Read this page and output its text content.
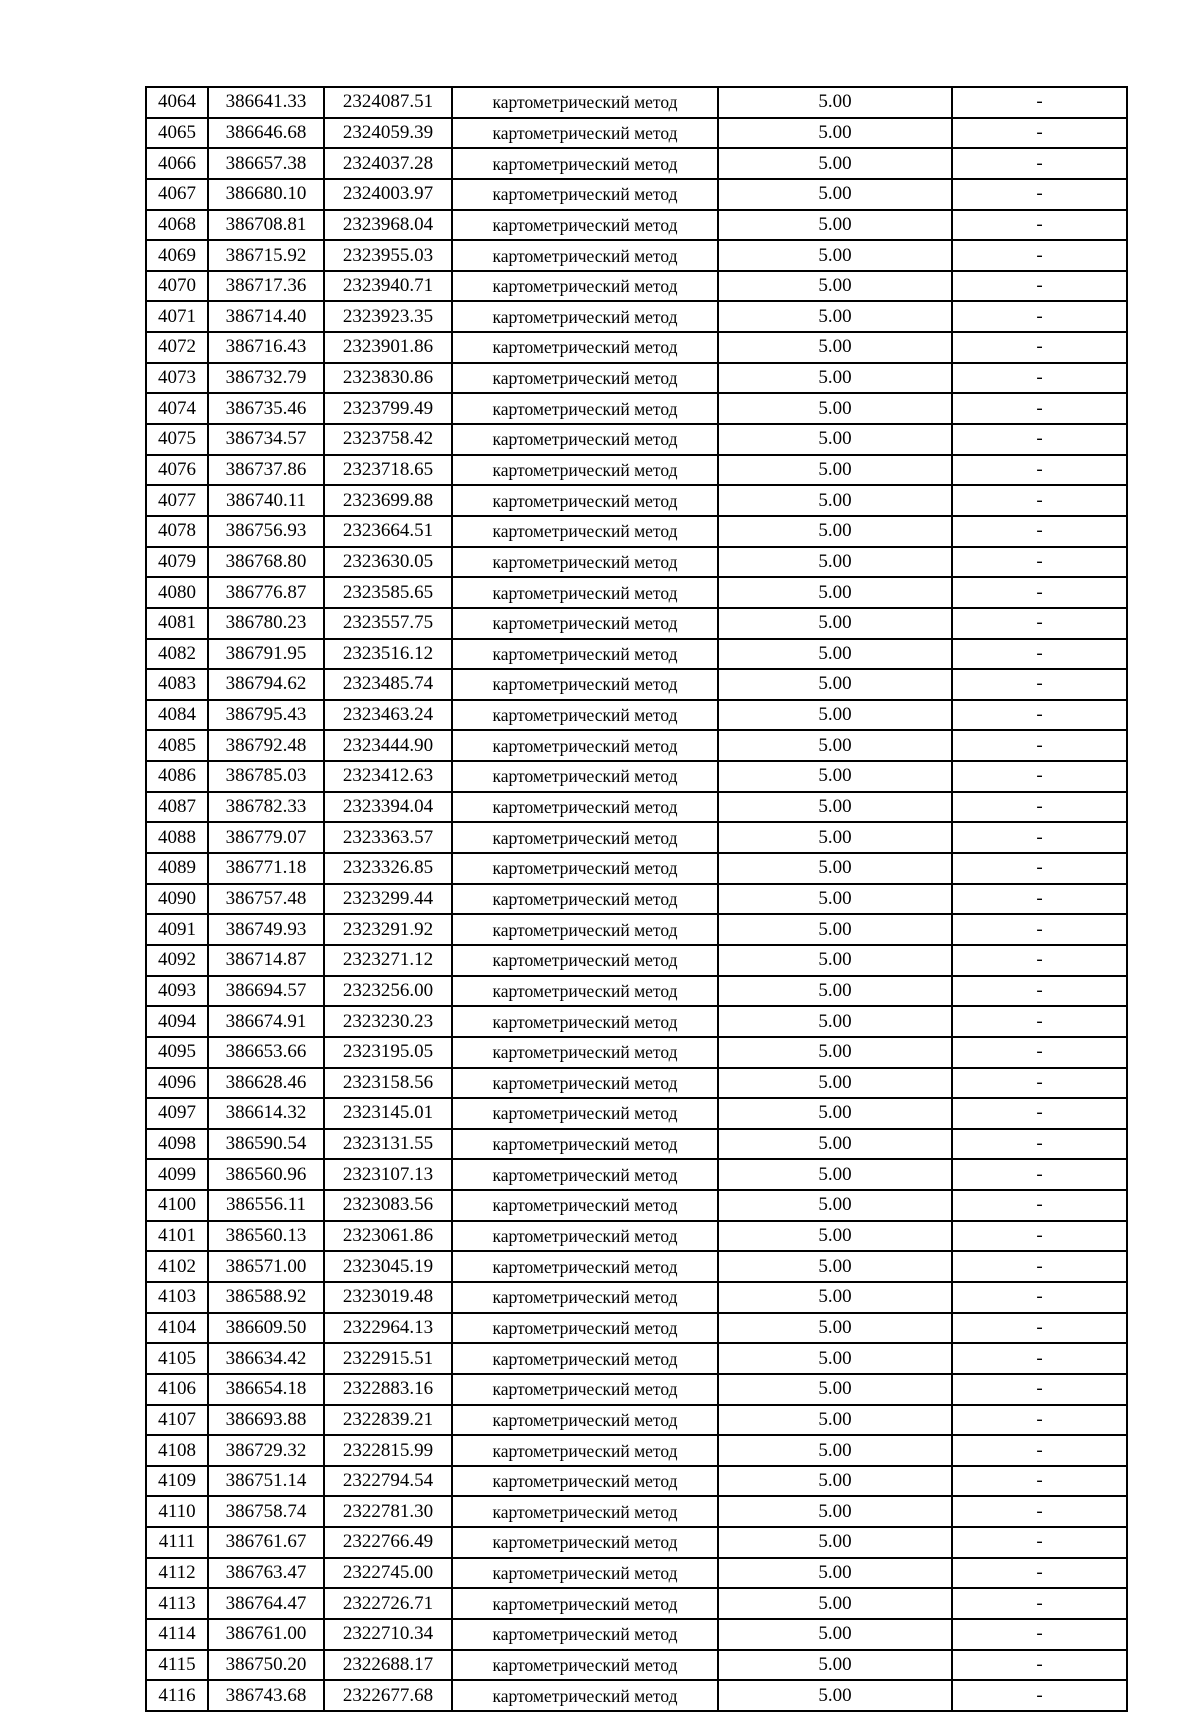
4064	386641.33	2324087.51	картометрический метод	5.00	-
4065	386646.68	2324059.39	картометрический метод	5.00	-
4066	386657.38	2324037.28	картометрический метод	5.00	-
4067	386680.10	2324003.97	картометрический метод	5.00	-
4068	386708.81	2323968.04	картометрический метод	5.00	-
4069	386715.92	2323955.03	картометрический метод	5.00	-
4070	386717.36	2323940.71	картометрический метод	5.00	-
4071	386714.40	2323923.35	картометрический метод	5.00	-
4072	386716.43	2323901.86	картометрический метод	5.00	-
4073	386732.79	2323830.86	картометрический метод	5.00	-
4074	386735.46	2323799.49	картометрический метод	5.00	-
4075	386734.57	2323758.42	картометрический метод	5.00	-
4076	386737.86	2323718.65	картометрический метод	5.00	-
4077	386740.11	2323699.88	картометрический метод	5.00	-
4078	386756.93	2323664.51	картометрический метод	5.00	-
4079	386768.80	2323630.05	картометрический метод	5.00	-
4080	386776.87	2323585.65	картометрический метод	5.00	-
4081	386780.23	2323557.75	картометрический метод	5.00	-
4082	386791.95	2323516.12	картометрический метод	5.00	-
4083	386794.62	2323485.74	картометрический метод	5.00	-
4084	386795.43	2323463.24	картометрический метод	5.00	-
4085	386792.48	2323444.90	картометрический метод	5.00	-
4086	386785.03	2323412.63	картометрический метод	5.00	-
4087	386782.33	2323394.04	картометрический метод	5.00	-
4088	386779.07	2323363.57	картометрический метод	5.00	-
4089	386771.18	2323326.85	картометрический метод	5.00	-
4090	386757.48	2323299.44	картометрический метод	5.00	-
4091	386749.93	2323291.92	картометрический метод	5.00	-
4092	386714.87	2323271.12	картометрический метод	5.00	-
4093	386694.57	2323256.00	картометрический метод	5.00	-
4094	386674.91	2323230.23	картометрический метод	5.00	-
4095	386653.66	2323195.05	картометрический метод	5.00	-
4096	386628.46	2323158.56	картометрический метод	5.00	-
4097	386614.32	2323145.01	картометрический метод	5.00	-
4098	386590.54	2323131.55	картометрический метод	5.00	-
4099	386560.96	2323107.13	картометрический метод	5.00	-
4100	386556.11	2323083.56	картометрический метод	5.00	-
4101	386560.13	2323061.86	картометрический метод	5.00	-
4102	386571.00	2323045.19	картометрический метод	5.00	-
4103	386588.92	2323019.48	картометрический метод	5.00	-
4104	386609.50	2322964.13	картометрический метод	5.00	-
4105	386634.42	2322915.51	картометрический метод	5.00	-
4106	386654.18	2322883.16	картометрический метод	5.00	-
4107	386693.88	2322839.21	картометрический метод	5.00	-
4108	386729.32	2322815.99	картометрический метод	5.00	-
4109	386751.14	2322794.54	картометрический метод	5.00	-
4110	386758.74	2322781.30	картометрический метод	5.00	-
4111	386761.67	2322766.49	картометрический метод	5.00	-
4112	386763.47	2322745.00	картометрический метод	5.00	-
4113	386764.47	2322726.71	картометрический метод	5.00	-
4114	386761.00	2322710.34	картометрический метод	5.00	-
4115	386750.20	2322688.17	картометрический метод	5.00	-
4116	386743.68	2322677.68	картометрический метод	5.00	-
